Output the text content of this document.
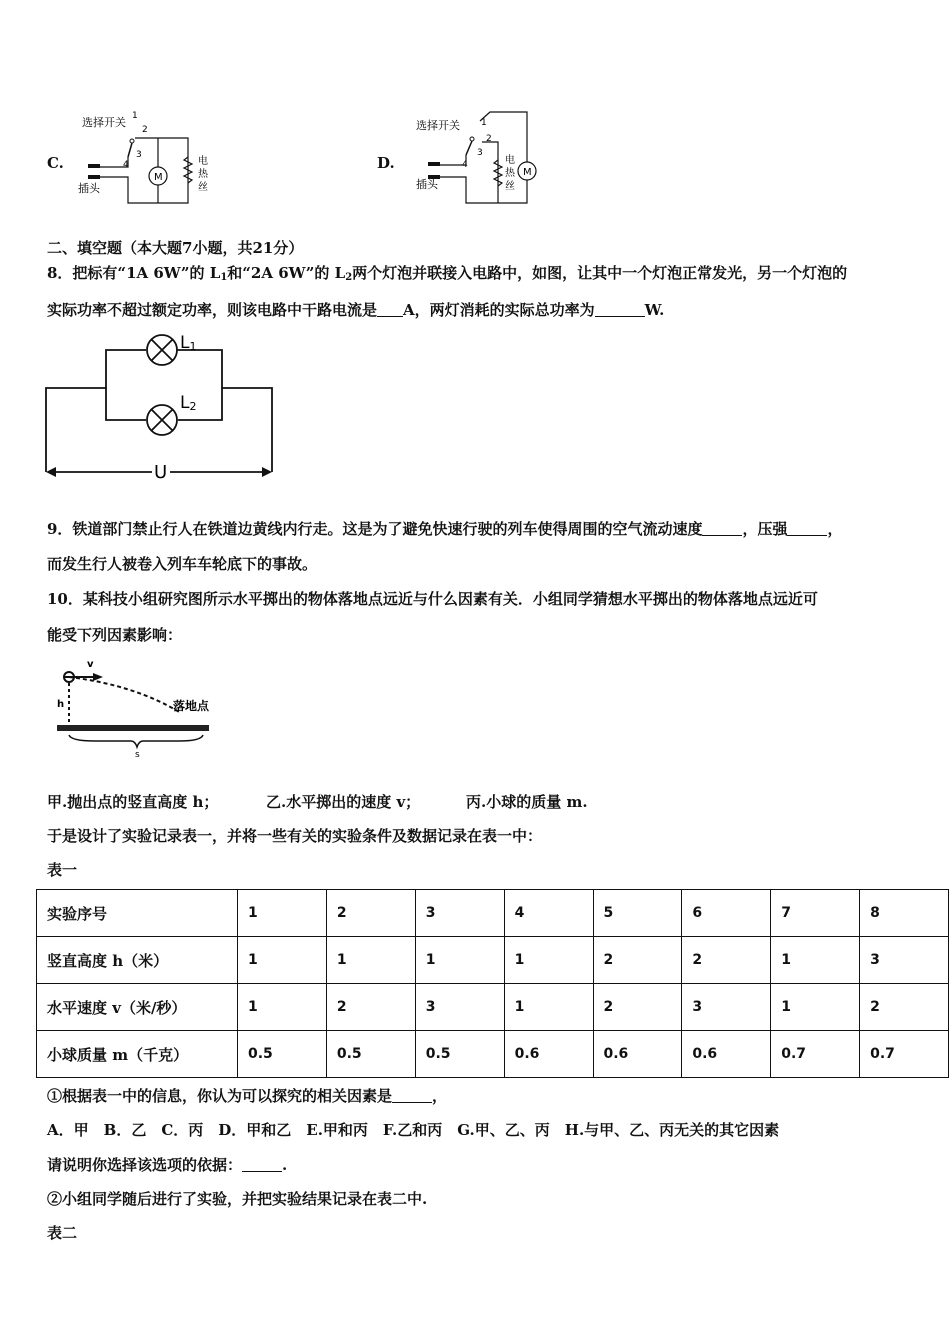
C.
选择开关 1
2
3
4
M
电
热
丝
插头
D.
选择开关 1
2
3
4	电
热
丝
M
插头
二、填空题（本大题7小题，共21分）
8．把标有“1A 6W”的 $L_1$和“2A 6W”的 $L_2$两个灯泡并联接入电路中，如图，让其中一个灯泡正常发光，另一个灯泡的
实际功率不超过额定功率，则该电路中干路电流是 A，两灯消耗的实际总功率为	W.
L1
L2
U
9．铁道部门禁止行人在铁道边黄线内行走。这是为了避免快速行驶的列车使得周围的空气流动速度	，压强	，
而发生行人被卷入列车车轮底下的事故。
10．某科技小组研究图所示水平掷出的物体落地点远近与什么因素有关．小组同学猜想水平掷出的物体落地点远近可
能受下列因素影响：
v
h	落地点
s
甲.抛出点的竖直高度 h；	乙.水平掷出的速度 v；	丙.小球的质量 m.
于是设计了实验记录表一，并将一些有关的实验条件及数据记录在表一中：
表一
实验序号	1	2	3	4	5	6	7	8
竖直高度 h（米）	1	1	1	1	2	2	1	3
水平速度 v（米/秒）	1	2	3	1	2	3	1	2
小球质量 m（千克）	0.5	0.5	0.5	0.6	0.6	0.6	0.7	0.7
①根据表一中的信息，你认为可以探究的相关因素是	，
A．甲　B．乙　C．丙　D．甲和乙　E.甲和丙　F.乙和丙　G.甲、乙、丙　H.与甲、乙、丙无关的其它因素
请说明你选择该选项的依据：	.
②小组同学随后进行了实验，并把实验结果记录在表二中.
表二
